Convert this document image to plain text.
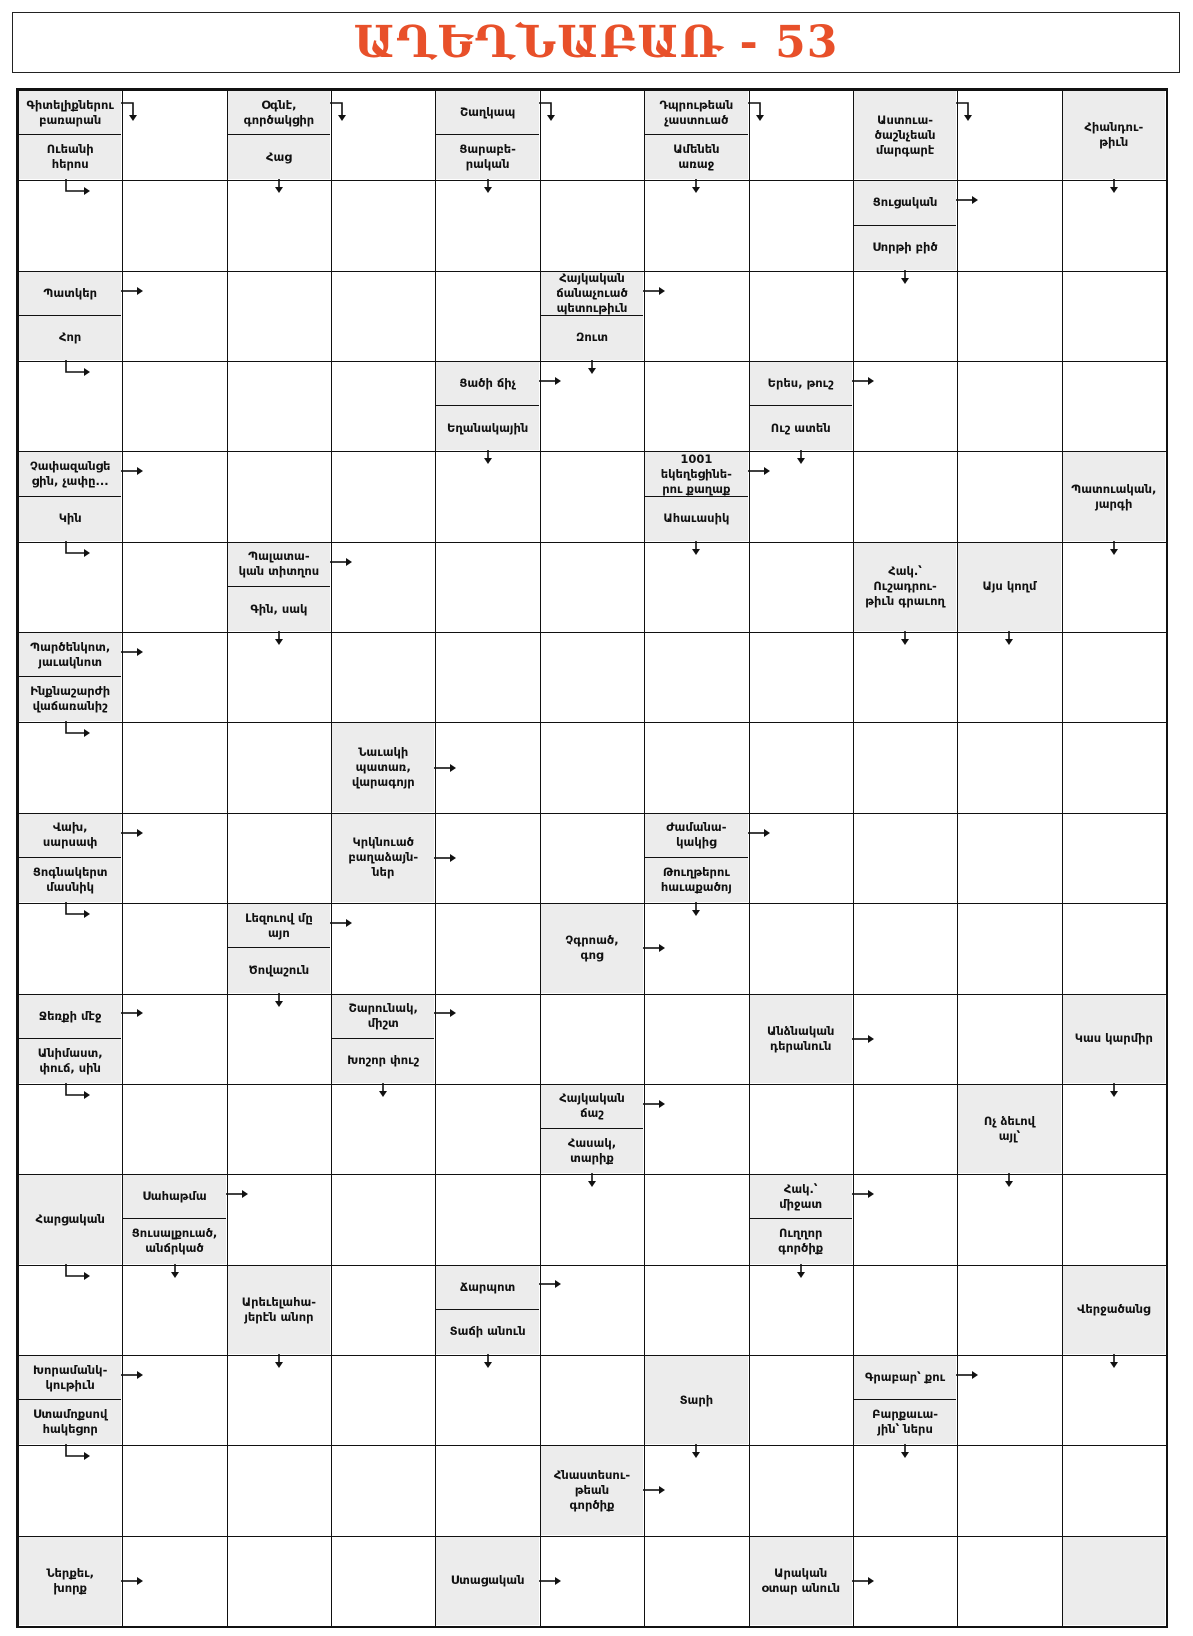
ԱՂԵՂՆԱԲԱՌ - 53
Գիտելիքներու
բառարան
Ուեանի
հերոս
Օգնէ,
գործակցիր
Հաց
Շաղկապ
Ցարաբե-
րական
Դպրութեան
չաստուած
Ամենեն
առաջ
Աստուա-
ծաշնչեան
մարգարէ
Հիանդու-
թիւն
Ցուցական
Սորթի բիծ
Պատկեր
Հոր
Հայկական
ճանաչուած
պետութիւն
Զուտ
Ցածի ճիչ
Եղանակային
Երես, թուշ
Ուշ ատեն
Չափազանցե
ցին, չափը...
Կին
1001
եկեղեցինե-
րու քաղաք
Ահաւասիկ
Պատուական,
յարգի
Պալատա-
կան տիտղոս
Գին, սակ
Հակ.՝
Ուշադրու-
թիւն գրաւող
Այս կողմ
Պարծենկոտ,
յաւակնոտ
Ինքնաշարժի
վաճառանիշ
Նաւակի
պատառ,
վարագոյր
Վախ,
սարսափ
Ցոգնակերտ
մասնիկ
Կրկնուած
բաղաձայն-
ներ
Ժամանա-
կակից
Թուղթերու
հաւաքածոյ
Լեզուով մը
այո
Ծովաշուն
Չգրոած,
գոց
Ջեռքի մէջ
Անիմաստ,
փուճ, սին
Շարունակ,
միշտ
Խոշոր փուշ
Անձնական
դերանուն
Կաս կարմիր
Հայկական
ճաշ
Հասակ,
տարիք
Ոչ ձեւով
այլ՝
Հարցական
Սահաթմա
Ցուսալքուած,
անճրկած
Հակ.՝
միջատ
Ուղղոր
գործիք
Արեւելահա-
յերէն անոր
Ճարպոտ
Տաճի անուն
Վերջածանց
Խորամանկ-
կութիւն
Ստամոքսով
հակեցոր
Տարի
Գրաբար՝ քու
Բարքաւա-
յին՝ ներս
Հնաստեսու-
թեան
գործիք
Ներքեւ,
խորք
Ստացական
Արական
օտար անուն
